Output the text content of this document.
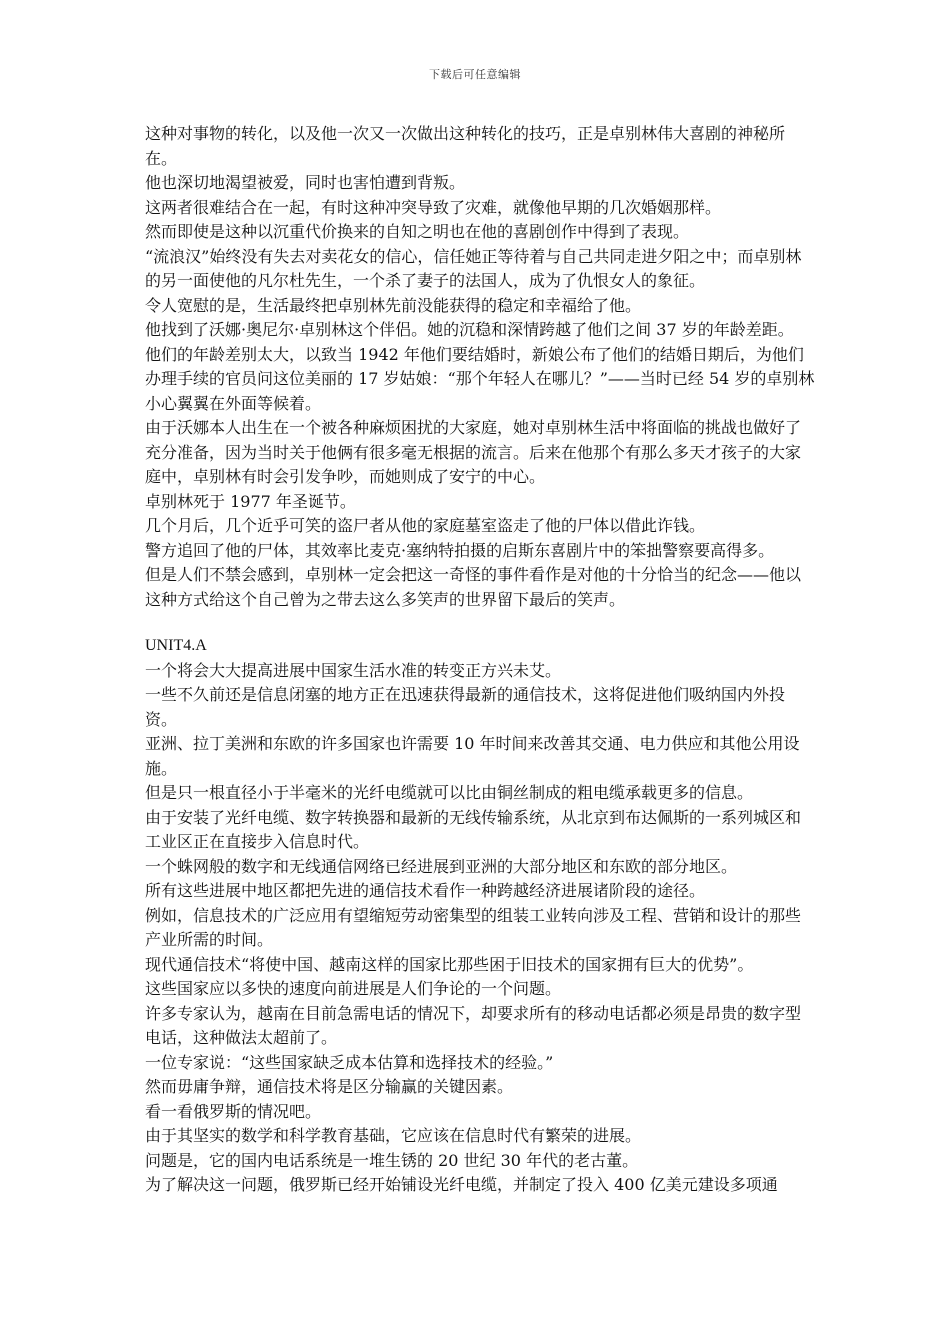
下载后可任意编辑

这种对事物的转化，以及他一次又一次做出这种转化的技巧，正是卓别林伟大喜剧的神秘所在。

他也深切地渴望被爱，同时也害怕遭到背叛。

这两者很难结合在一起，有时这种冲突导致了灾难，就像他早期的几次婚姻那样。

然而即使是这种以沉重代价换来的自知之明也在他的喜剧创作中得到了表现。

“流浪汉”始终没有失去对卖花女的信心，信任她正等待着与自己共同走进夕阳之中；而卓别林的另一面使他的凡尔杜先生，一个杀了妻子的法国人，成为了仇恨女人的象征。

令人宽慰的是，生活最终把卓别林先前没能获得的稳定和幸福给了他。

他找到了沃娜·奥尼尔·卓别林这个伴侣。她的沉稳和深情跨越了他们之间 37 岁的年龄差距。

他们的年龄差别太大，以致当 1942 年他们要结婚时，新娘公布了他们的结婚日期后，为他们办理手续的官员问这位美丽的 17 岁姑娘：“那个年轻人在哪儿？”——当时已经 54 岁的卓别林小心翼翼在外面等候着。

由于沃娜本人出生在一个被各种麻烦困扰的大家庭，她对卓别林生活中将面临的挑战也做好了充分准备，因为当时关于他俩有很多毫无根据的流言。后来在他那个有那么多天才孩子的大家庭中，卓别林有时会引发争吵，而她则成了安宁的中心。

卓别林死于 1977 年圣诞节。

几个月后，几个近乎可笑的盗尸者从他的家庭墓室盗走了他的尸体以借此诈钱。

警方追回了他的尸体，其效率比麦克·塞纳特拍摄的启斯东喜剧片中的笨拙警察要高得多。

但是人们不禁会感到，卓别林一定会把这一奇怪的事件看作是对他的十分恰当的纪念——他以这种方式给这个自己曾为之带去这么多笑声的世界留下最后的笑声。

UNIT4.A

一个将会大大提高进展中国家生活水准的转变正方兴未艾。

一些不久前还是信息闭塞的地方正在迅速获得最新的通信技术，这将促进他们吸纳国内外投资。

亚洲、拉丁美洲和东欧的许多国家也许需要 10 年时间来改善其交通、电力供应和其他公用设施。

但是只一根直径小于半毫米的光纤电缆就可以比由铜丝制成的粗电缆承载更多的信息。

由于安装了光纤电缆、数字转换器和最新的无线传输系统，从北京到布达佩斯的一系列城区和工业区正在直接步入信息时代。

一个蛛网般的数字和无线通信网络已经进展到亚洲的大部分地区和东欧的部分地区。

所有这些进展中地区都把先进的通信技术看作一种跨越经济进展诸阶段的途径。

例如，信息技术的广泛应用有望缩短劳动密集型的组装工业转向涉及工程、营销和设计的那些产业所需的时间。

现代通信技术“将使中国、越南这样的国家比那些困于旧技术的国家拥有巨大的优势”。

这些国家应以多快的速度向前进展是人们争论的一个问题。

许多专家认为，越南在目前急需电话的情况下，却要求所有的移动电话都必须是昂贵的数字型电话，这种做法太超前了。

一位专家说：“这些国家缺乏成本估算和选择技术的经验。”

然而毋庸争辩，通信技术将是区分输赢的关键因素。

看一看俄罗斯的情况吧。

由于其坚实的数学和科学教育基础，它应该在信息时代有繁荣的进展。

问题是，它的国内电话系统是一堆生锈的 20 世纪 30 年代的老古董。

为了解决这一问题，俄罗斯已经开始铺设光纤电缆，并制定了投入 400 亿美元建设多项通
